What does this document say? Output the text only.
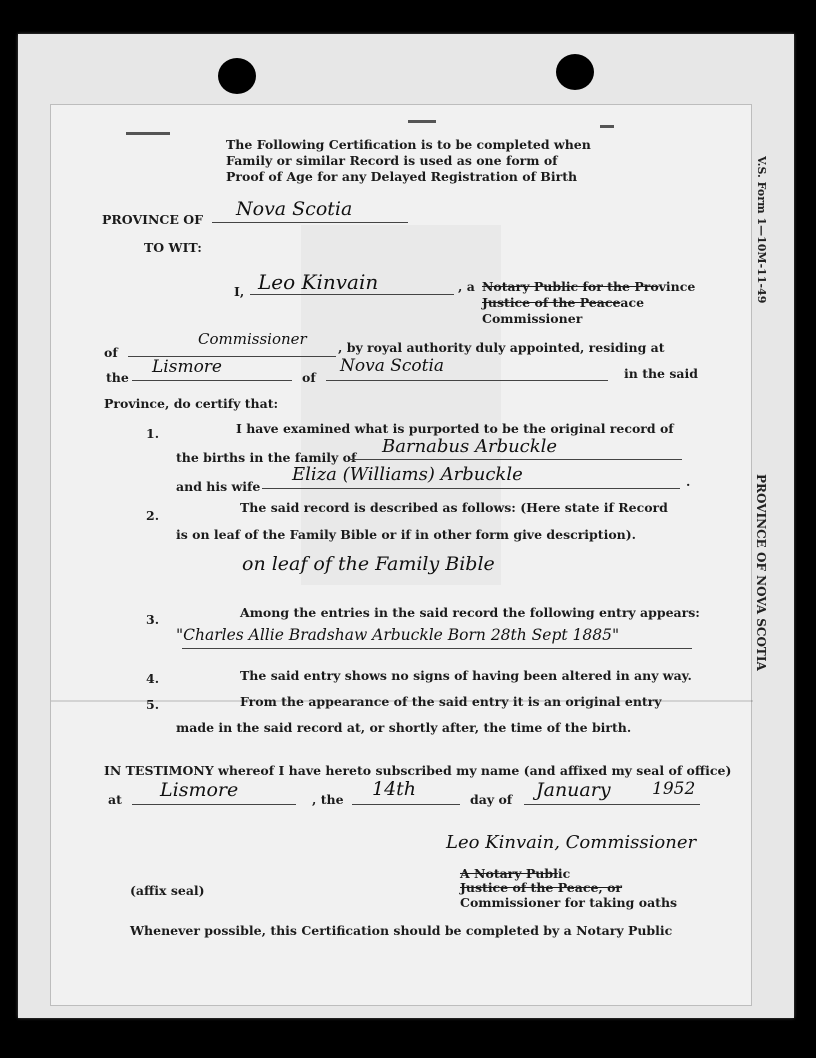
V.S. Form 1—10M-11-49
PROVINCE OF NOVA SCOTIA
The Following Certification is to be completed when
Family or similar Record is used as one form of
Proof of Age for any Delayed Registration of Birth
PROVINCE OF Nova Scotia
TO WIT:
I, Leo Kinvain	, a Notary Public for the Province
Justice of the Peaceace
Commissioner
of
Commissioner	, by royal authority duly appointed, residing at
the
Lismore
of
Nova Scotia	in the said
Province, do certify that:
1.	I have examined what is purported to be the original record of
the births in the family of
Barnabus Arbuckle
and his wife
Eliza (Williams) Arbuckle	.
2.
The said record is described as follows: (Here state if Record
is on leaf of the Family Bible or if in other form give description).
on leaf of the Family Bible
3.	Among the entries in the said record the following entry appears:
"Charles Allie Bradshaw Arbuckle Born 28th Sept 1885"
4.	The said entry shows no signs of having been altered in any way.
5.	From the appearance of the said entry it is an original entry
made in the said record at, or shortly after, the time of the birth.
IN TESTIMONY whereof I have hereto subscribed my name (and affixed my seal of office)
at Lismore	, the 14th	day of January 1952
Leo Kinvain, Commissioner
A Notary Public
Justice of the Peace, or
Commissioner for taking oaths
(affix seal)
Whenever possible, this Certification should be completed by a Notary Public
